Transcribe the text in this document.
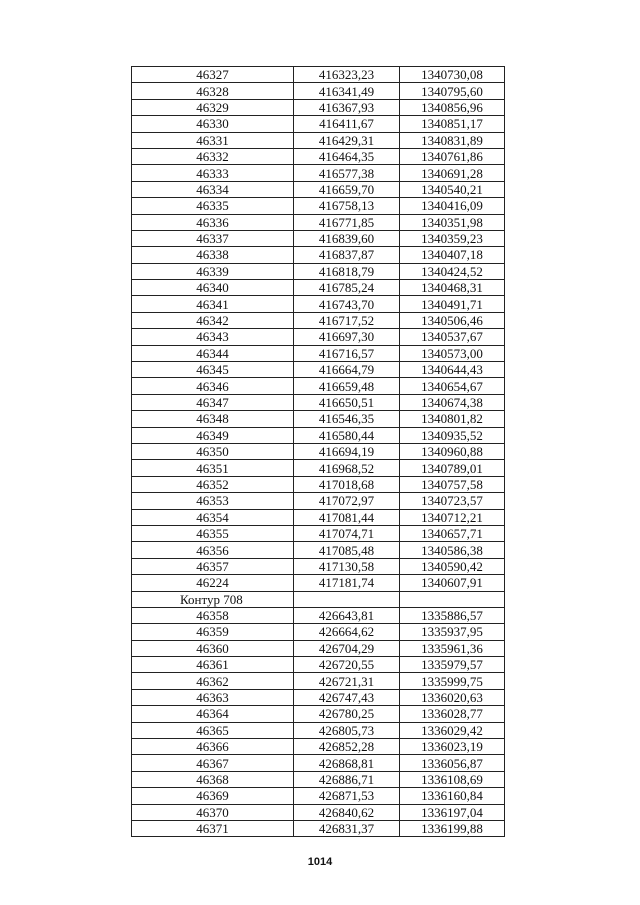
46327	416323,23	1340730,08
46328	416341,49	1340795,60
46329	416367,93	1340856,96
46330	416411,67	1340851,17
46331	416429,31	1340831,89
46332	416464,35	1340761,86
46333	416577,38	1340691,28
46334	416659,70	1340540,21
46335	416758,13	1340416,09
46336	416771,85	1340351,98
46337	416839,60	1340359,23
46338	416837,87	1340407,18
46339	416818,79	1340424,52
46340	416785,24	1340468,31
46341	416743,70	1340491,71
46342	416717,52	1340506,46
46343	416697,30	1340537,67
46344	416716,57	1340573,00
46345	416664,79	1340644,43
46346	416659,48	1340654,67
46347	416650,51	1340674,38
46348	416546,35	1340801,82
46349	416580,44	1340935,52
46350	416694,19	1340960,88
46351	416968,52	1340789,01
46352	417018,68	1340757,58
46353	417072,97	1340723,57
46354	417081,44	1340712,21
46355	417074,71	1340657,71
46356	417085,48	1340586,38
46357	417130,58	1340590,42
46224	417181,74	1340607,91
Контур 708		
46358	426643,81	1335886,57
46359	426664,62	1335937,95
46360	426704,29	1335961,36
46361	426720,55	1335979,57
46362	426721,31	1335999,75
46363	426747,43	1336020,63
46364	426780,25	1336028,77
46365	426805,73	1336029,42
46366	426852,28	1336023,19
46367	426868,81	1336056,87
46368	426886,71	1336108,69
46369	426871,53	1336160,84
46370	426840,62	1336197,04
46371	426831,37	1336199,88
1014
